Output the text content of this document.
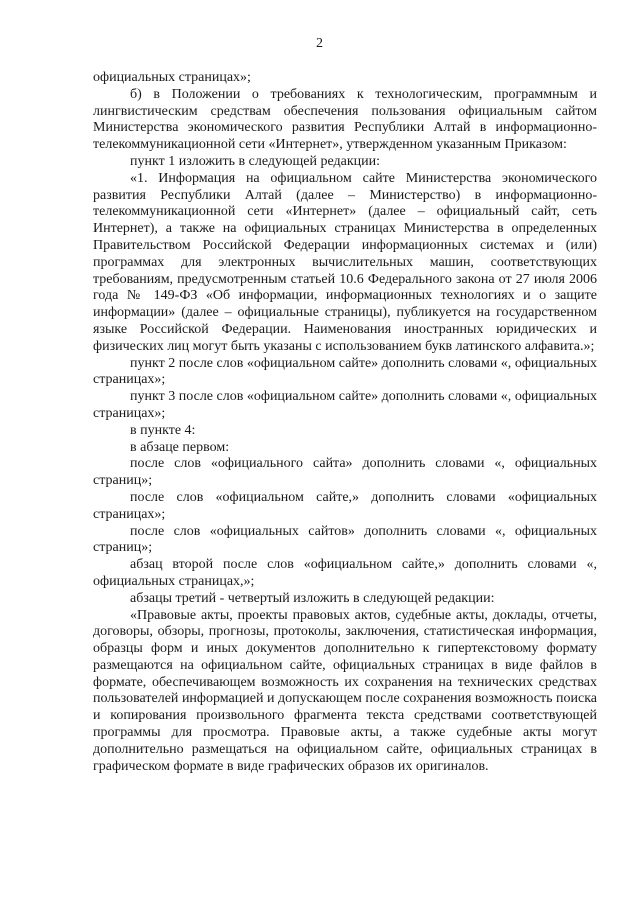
2

официальных страницах»;

б) в Положении о требованиях к технологическим, программным и лингвистическим средствам обеспечения пользования официальным сайтом Министерства экономического развития Республики Алтай в информационно-телекоммуникационной сети «Интернет», утвержденном указанным Приказом:

пункт 1 изложить в следующей редакции:

«1. Информация на официальном сайте Министерства экономического развития Республики Алтай (далее – Министерство) в информационно-телекоммуникационной сети «Интернет» (далее – официальный сайт, сеть Интернет), а также на официальных страницах Министерства в определенных Правительством Российской Федерации информационных системах и (или) программах для электронных вычислительных машин, соответствующих требованиям, предусмотренным статьей 10.6 Федерального закона от 27 июля 2006 года № 149-ФЗ «Об информации, информационных технологиях и о защите информации» (далее – официальные страницы), публикуется на государственном языке Российской Федерации. Наименования иностранных юридических и физических лиц могут быть указаны с использованием букв латинского алфавита.»;

пункт 2 после слов «официальном сайте» дополнить словами «, официальных страницах»;

пункт 3 после слов «официальном сайте» дополнить словами «, официальных страницах»;

в пункте 4:

в абзаце первом:

после слов «официального сайта» дополнить словами «, официальных страниц»;

после слов «официальном сайте,» дополнить словами «официальных страницах»;

после слов «официальных сайтов» дополнить словами «, официальных страниц»;

абзац второй после слов «официальном сайте,» дополнить словами «, официальных страницах,»;

абзацы третий - четвертый изложить в следующей редакции:

«Правовые акты, проекты правовых актов, судебные акты, доклады, отчеты, договоры, обзоры, прогнозы, протоколы, заключения, статистическая информация, образцы форм и иных документов дополнительно к гипертекстовому формату размещаются на официальном сайте, официальных страницах в виде файлов в формате, обеспечивающем возможность их сохранения на технических средствах пользователей информацией и допускающем после сохранения возможность поиска и копирования произвольного фрагмента текста средствами соответствующей программы для просмотра. Правовые акты, а также судебные акты могут дополнительно размещаться на официальном сайте, официальных страницах в графическом формате в виде графических образов их оригиналов.
